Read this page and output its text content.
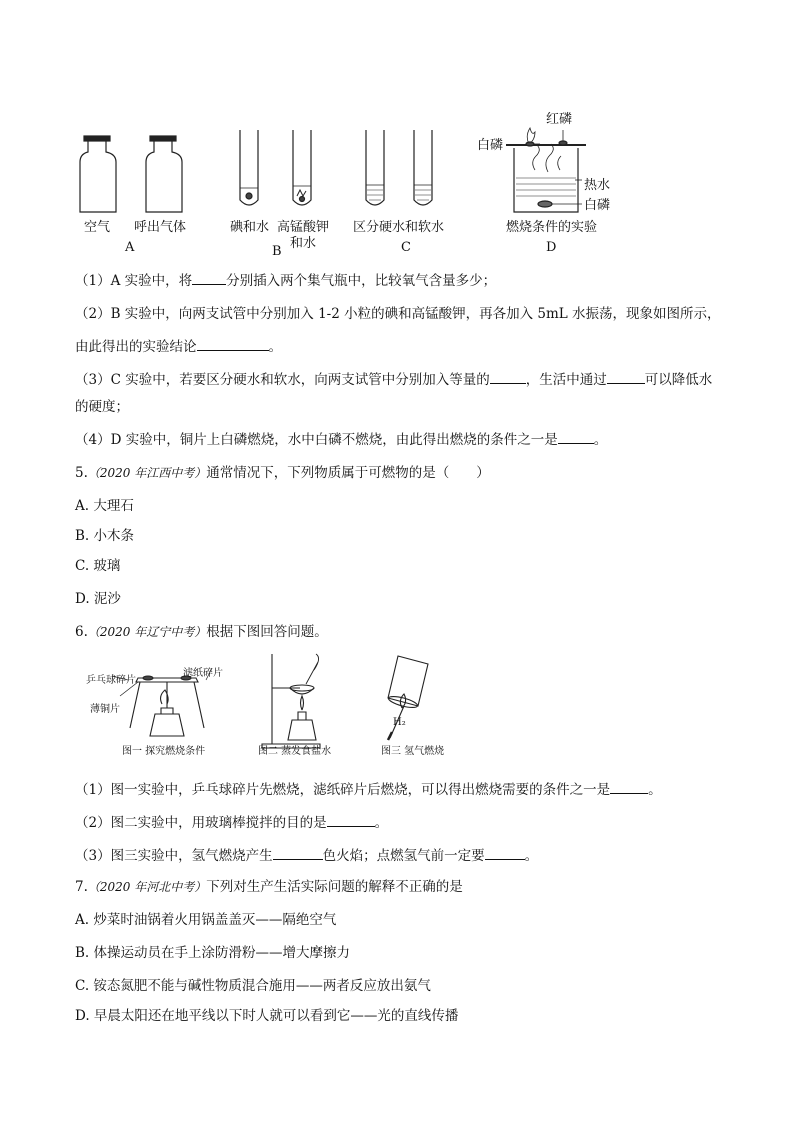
空气 呼出气体
A
碘和水 高锰酸钾
和水
B
区分硬水和软水
C
燃烧条件的实验
D
红磷
白磷
热水
白磷
（1）A 实验中，将	分别插入两个集气瓶中，比较氧气含量多少；
（2）B 实验中，向两支试管中分别加入 1-2 小粒的碘和高锰酸钾，再各加入 5mL 水振荡，现象如图所示，
由此得出的实验结论	。
（3）C 实验中，若要区分硬水和软水，向两支试管中分别加入等量的	，生活中通过	可以降低水
的硬度；
（4）D 实验中，铜片上白磷燃烧，水中白磷不燃烧，由此得出燃烧的条件之一是	。
5.（2020 年江西中考）通常情况下，下列物质属于可燃物的是（　　）
A. 大理石
B. 小木条
C. 玻璃
D. 泥沙
6.（2020 年辽宁中考）根据下图回答问题。
乒乓球碎片
滤纸碎片
薄铜片
图一 探究燃烧条件	图二 蒸发食盐水
H₂
图三 氢气燃烧
（1）图一实验中，乒乓球碎片先燃烧，滤纸碎片后燃烧，可以得出燃烧需要的条件之一是	。
（2）图二实验中，用玻璃棒搅拌的目的是	。
（3）图三实验中，氢气燃烧产生	色火焰；点燃氢气前一定要	。
7.（2020 年河北中考）下列对生产生活实际问题的解释不正确的是
A. 炒菜时油锅着火用锅盖盖灭——隔绝空气
B. 体操运动员在手上涂防滑粉——增大摩擦力
C. 铵态氮肥不能与碱性物质混合施用——两者反应放出氨气
D. 早晨太阳还在地平线以下时人就可以看到它——光的直线传播
